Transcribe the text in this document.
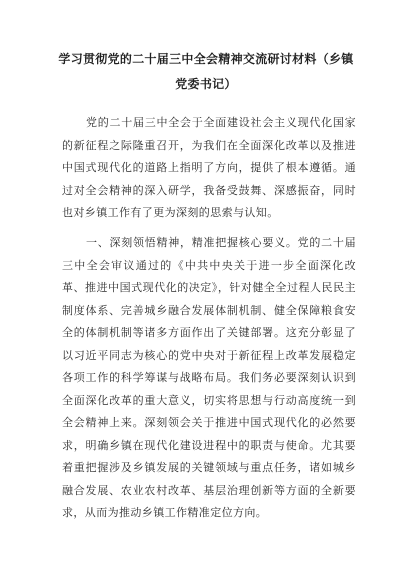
学习贯彻党的二十届三中全会精神交流研讨材料（乡镇党委书记）

党的二十届三中全会于全面建设社会主义现代化国家的新征程之际隆重召开，为我们在全面深化改革以及推进中国式现代化的道路上指明了方向，提供了根本遵循。通过对全会精神的深入研学，我备受鼓舞、深感振奋，同时也对乡镇工作有了更为深刻的思索与认知。

一、深刻领悟精神，精准把握核心要义。党的二十届三中全会审议通过的《中共中央关于进一步全面深化改革、推进中国式现代化的决定》，针对健全全过程人民民主制度体系、完善城乡融合发展体制机制、健全保障粮食安全的体制机制等诸多方面作出了关键部署。这充分彰显了以习近平同志为核心的党中央对于新征程上改革发展稳定各项工作的科学筹谋与战略布局。我们务必要深刻认识到全面深化改革的重大意义，切实将思想与行动高度统一到全会精神上来。深刻领会关于推进中国式现代化的必然要求，明确乡镇在现代化建设进程中的职责与使命。尤其要着重把握涉及乡镇发展的关键领域与重点任务，诸如城乡融合发展、农业农村改革、基层治理创新等方面的全新要求，从而为推动乡镇工作精准定位方向。
